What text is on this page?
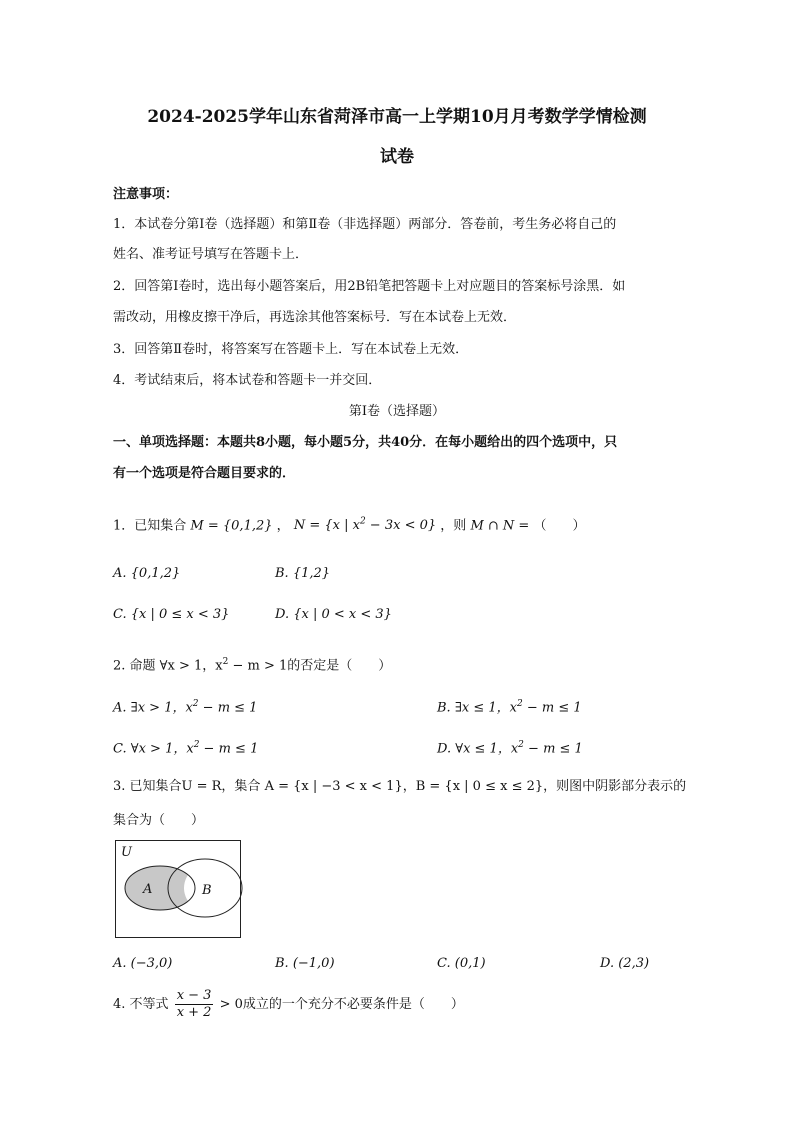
2024-2025学年山东省菏泽市高一上学期10月月考数学学情检测
试卷
注意事项：
1．本试卷分第Ⅰ卷（选择题）和第Ⅱ卷（非选择题）两部分．答卷前，考生务必将自己的
姓名、准考证号填写在答题卡上．
2．回答第Ⅰ卷时，选出每小题答案后，用2B铅笔把答题卡上对应题目的答案标号涂黑．如
需改动，用橡皮擦干净后，再选涂其他答案标号．写在本试卷上无效．
3．回答第Ⅱ卷时，将答案写在答题卡上．写在本试卷上无效．
4．考试结束后，将本试卷和答题卡一并交回．
第Ⅰ卷（选择题）
一、单项选择题：本题共8小题，每小题5分，共40分．在每小题给出的四个选项中，只
有一个选项是符合题目要求的．
1．已知集合 M = {0,1,2} ， N = {x | $x^2 - 3x < 0$} ，则 M ∩ N = （　　）
A. {0,1,2}	B. {1,2}
C. {x | 0 ≤ x < 3}	D. {x | 0 < x < 3}
2. 命题 ∀x > 1，$x^2 - m > 1$的否定是（　　）
A. ∃x > 1，$x^2 - m \le 1$	B. ∃x ≤ 1，$x^2 - m \le 1$
C. ∀x > 1，$x^2 - m \le 1$	D. ∀x ≤ 1，$x^2 - m \le 1$
3. 已知集合U = R，集合 A = {x | −3 < x < 1}，B = {x | 0 ≤ x ≤ 2}，则图中阴影部分表示的
集合为（　　）
U
A	B
A. (−3,0)	B. (−1,0)	C. (0,1)	D. (2,3)
4. 不等式 $\frac{x - 3}{x + 2} > 0$成立的一个充分不必要条件是（　　）
